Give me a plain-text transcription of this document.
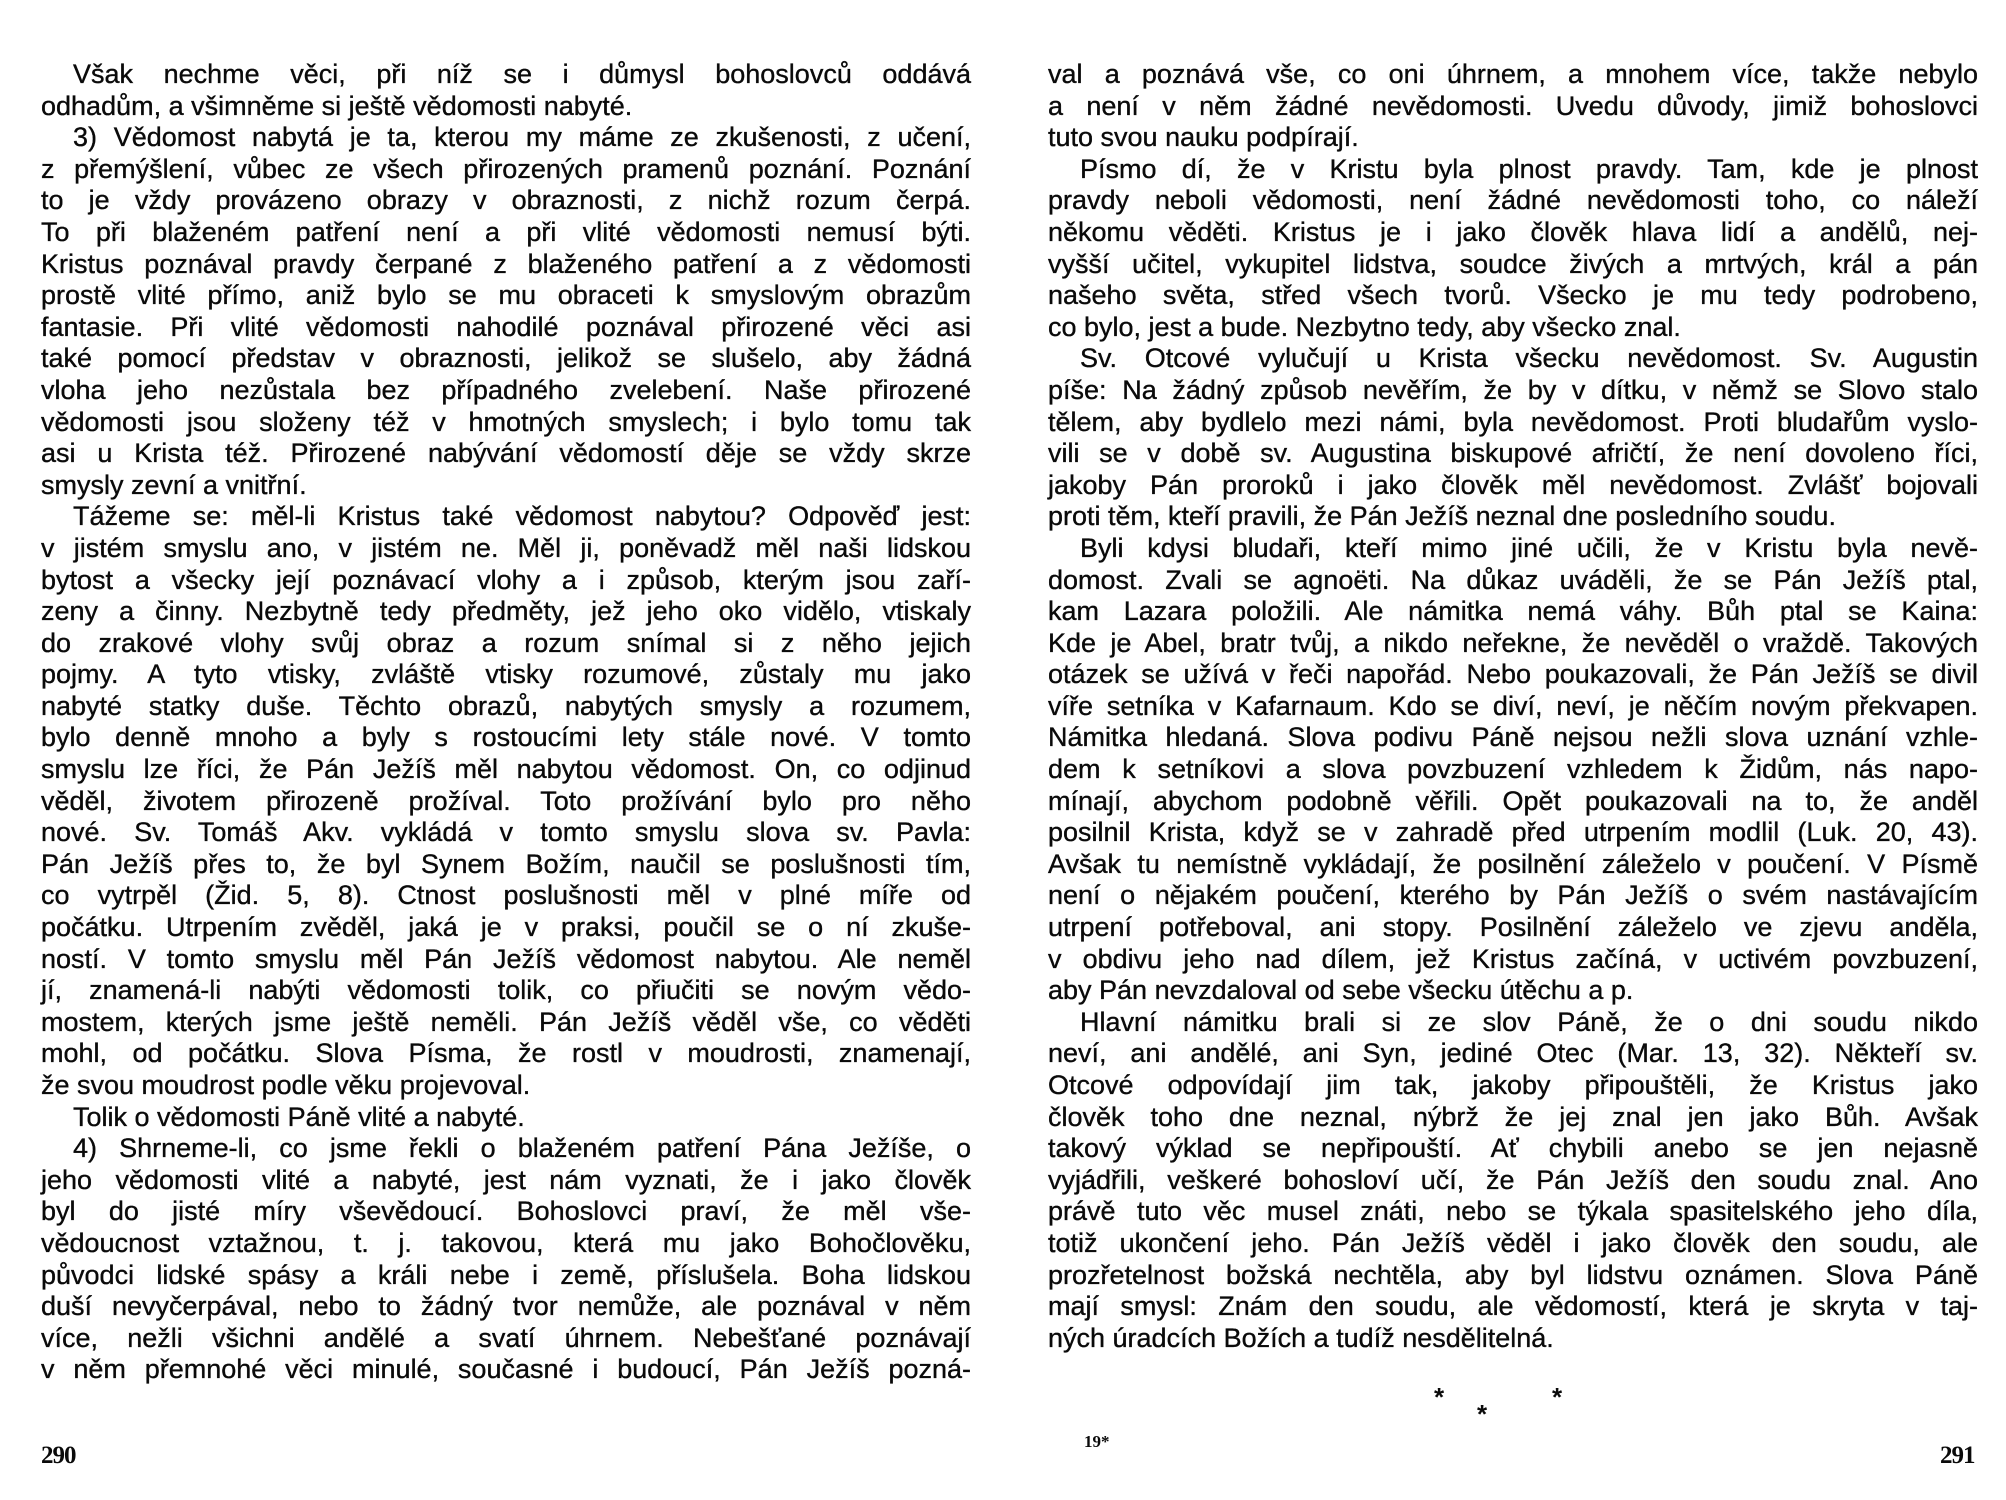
Však nechme věci, při níž se i důmysl bohoslovců oddává
odhadům, a všimněme si ještě vědomosti nabyté.
3) Vědomost nabytá je ta, kterou my máme ze zkušenosti, z učení,
z přemýšlení, vůbec ze všech přirozených pramenů poznání. Poznání
to je vždy provázeno obrazy v obraznosti, z nichž rozum čerpá.
To při blaženém patření není a při vlité vědomosti nemusí býti.
Kristus poznával pravdy čerpané z blaženého patření a z vědomosti
prostě vlité přímo, aniž bylo se mu obraceti k smyslovým obrazům
fantasie. Při vlité vědomosti nahodilé poznával přirozené věci asi
také pomocí představ v obraznosti, jelikož se slušelo, aby žádná
vloha jeho nezůstala bez případného zvelebení. Naše přirozené
vědomosti jsou složeny též v hmotných smyslech; i bylo tomu tak
asi u Krista též. Přirozené nabývání vědomostí děje se vždy skrze
smysly zevní a vnitřní.
Tážeme se: měl-li Kristus také vědomost nabytou? Odpověď jest:
v jistém smyslu ano, v jistém ne. Měl ji, poněvadž měl naši lidskou
bytost a všecky její poznávací vlohy a i způsob, kterým jsou zaří-
zeny a činny. Nezbytně tedy předměty, jež jeho oko vidělo, vtiskaly
do zrakové vlohy svůj obraz a rozum snímal si z něho jejich
pojmy. A tyto vtisky, zvláště vtisky rozumové, zůstaly mu jako
nabyté statky duše. Těchto obrazů, nabytých smysly a rozumem,
bylo denně mnoho a byly s rostoucími lety stále nové. V tomto
smyslu lze říci, že Pán Ježíš měl nabytou vědomost. On, co odjinud
věděl, životem přirozeně prožíval. Toto prožívání bylo pro něho
nové. Sv. Tomáš Akv. vykládá v tomto smyslu slova sv. Pavla:
Pán Ježíš přes to, že byl Synem Božím, naučil se poslušnosti tím,
co vytrpěl (Žid. 5, 8). Ctnost poslušnosti měl v plné míře od
počátku. Utrpením zvěděl, jaká je v praksi, poučil se o ní zkuše-
ností. V tomto smyslu měl Pán Ježíš vědomost nabytou. Ale neměl
jí, znamená-li nabýti vědomosti tolik, co přiučiti se novým vědo-
mostem, kterých jsme ještě neměli. Pán Ježíš věděl vše, co věděti
mohl, od počátku. Slova Písma, že rostl v moudrosti, znamenají,
že svou moudrost podle věku projevoval.
Tolik o vědomosti Páně vlité a nabyté.
4) Shrneme-li, co jsme řekli o blaženém patření Pána Ježíše, o
jeho vědomosti vlité a nabyté, jest nám vyznati, že i jako člověk
byl do jisté míry vševědoucí. Bohoslovci praví, že měl vše-
vědoucnost vztažnou, t. j. takovou, která mu jako Bohočlověku,
původci lidské spásy a králi nebe i země, příslušela. Boha lidskou
duší nevyčerpával, nebo to žádný tvor nemůže, ale poznával v něm
více, nežli všichni andělé a svatí úhrnem. Nebešťané poznávají
v něm přemnohé věci minulé, současné i budoucí, Pán Ježíš pozná-
val a poznává vše, co oni úhrnem, a mnohem více, takže nebylo
a není v něm žádné nevědomosti. Uvedu důvody, jimiž bohoslovci
tuto svou nauku podpírají.
Písmo dí, že v Kristu byla plnost pravdy. Tam, kde je plnost
pravdy neboli vědomosti, není žádné nevědomosti toho, co náleží
někomu věděti. Kristus je i jako člověk hlava lidí a andělů, nej-
vyšší učitel, vykupitel lidstva, soudce živých a mrtvých, král a pán
našeho světa, střed všech tvorů. Všecko je mu tedy podrobeno,
co bylo, jest a bude. Nezbytno tedy, aby všecko znal.
Sv. Otcové vylučují u Krista všecku nevědomost. Sv. Augustin
píše: Na žádný způsob nevěřím, že by v dítku, v němž se Slovo stalo
tělem, aby bydlelo mezi námi, byla nevědomost. Proti bludařům vyslo-
vili se v době sv. Augustina biskupové afričtí, že není dovoleno říci,
jakoby Pán proroků i jako člověk měl nevědomost. Zvlášť bojovali
proti těm, kteří pravili, že Pán Ježíš neznal dne posledního soudu.
Byli kdysi bludaři, kteří mimo jiné učili, že v Kristu byla nevě-
domost. Zvali se agnoëti. Na důkaz uváděli, že se Pán Ježíš ptal,
kam Lazara položili. Ale námitka nemá váhy. Bůh ptal se Kaina:
Kde je Abel, bratr tvůj, a nikdo neřekne, že nevěděl o vraždě. Takových
otázek se užívá v řeči napořád. Nebo poukazovali, že Pán Ježíš se divil
víře setníka v Kafarnaum. Kdo se diví, neví, je něčím novým překvapen.
Námitka hledaná. Slova podivu Páně nejsou nežli slova uznání vzhle-
dem k setníkovi a slova povzbuzení vzhledem k Židům, nás napo-
mínají, abychom podobně věřili. Opět poukazovali na to, že anděl
posilnil Krista, když se v zahradě před utrpením modlil (Luk. 20, 43).
Avšak tu nemístně vykládají, že posilnění záleželo v poučení. V Písmě
není o nějakém poučení, kterého by Pán Ježíš o svém nastávajícím
utrpení potřeboval, ani stopy. Posilnění záleželo ve zjevu anděla,
v obdivu jeho nad dílem, jež Kristus začíná, v uctivém povzbuzení,
aby Pán nevzdaloval od sebe všecku útěchu a p.
Hlavní námitku brali si ze slov Páně, že o dni soudu nikdo
neví, ani andělé, ani Syn, jediné Otec (Mar. 13, 32). Někteří sv.
Otcové odpovídají jim tak, jakoby připouštěli, že Kristus jako
člověk toho dne neznal, nýbrž že jej znal jen jako Bůh. Avšak
takový výklad se nepřipouští. Ať chybili anebo se jen nejasně
vyjádřili, veškeré bohosloví učí, že Pán Ježíš den soudu znal. Ano
právě tuto věc musel znáti, nebo se týkala spasitelského jeho díla,
totiž ukončení jeho. Pán Ježíš věděl i jako člověk den soudu, ale
prozřetelnost božská nechtěla, aby byl lidstvu oznámen. Slova Páně
mají smysl: Znám den soudu, ale vědomostí, která je skryta v taj-
ných úradcích Božích a tudíž nesdělitelná.
290	291
19*
*
*
*
